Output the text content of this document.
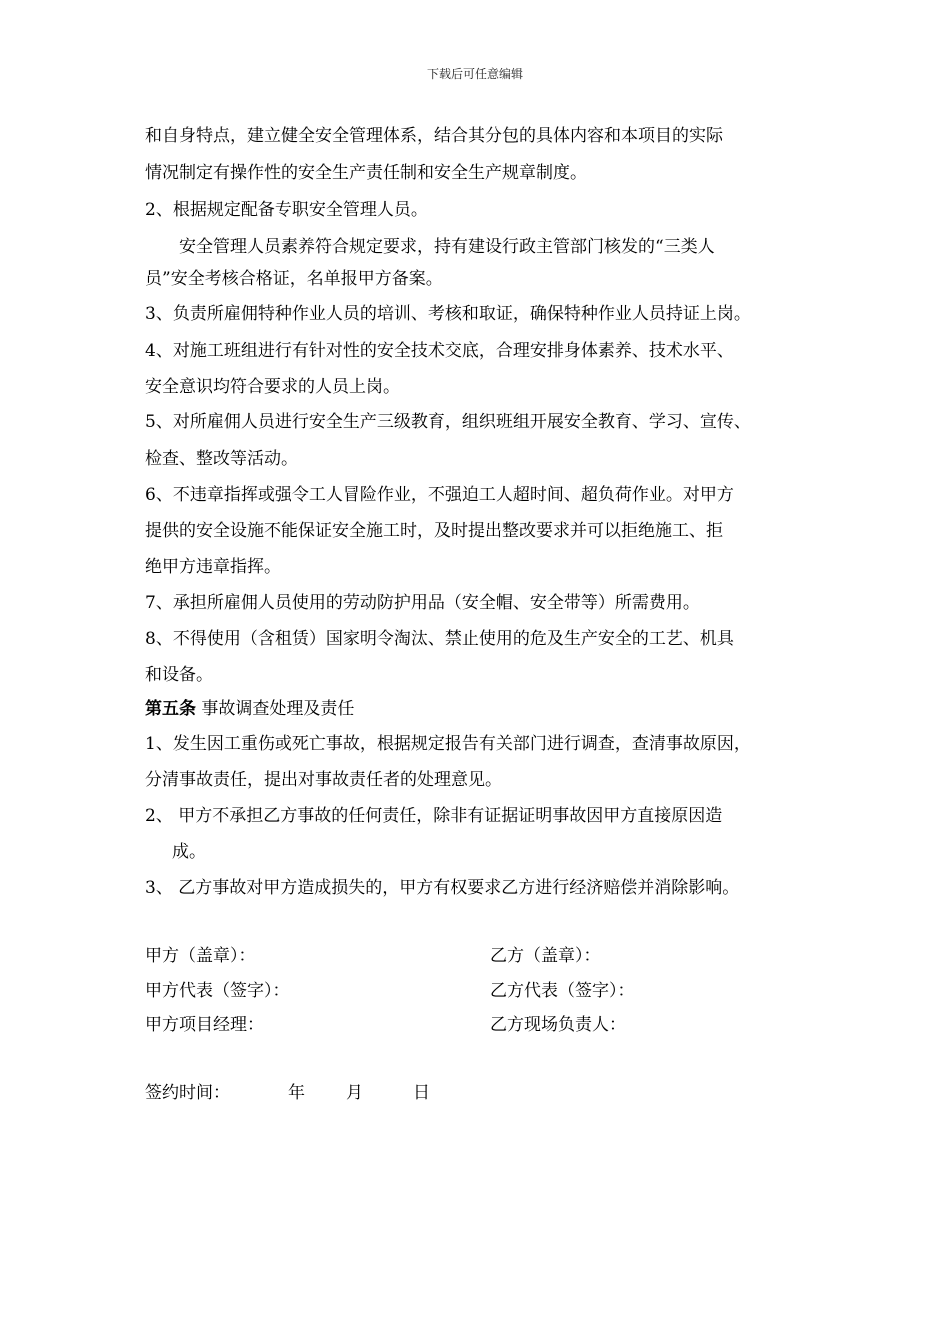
下载后可任意编辑
和自身特点，建立健全安全管理体系，结合其分包的具体内容和本项目的实际
情况制定有操作性的安全生产责任制和安全生产规章制度。
2、根据规定配备专职安全管理人员。
　　安全管理人员素养符合规定要求，持有建设行政主管部门核发的“三类人
员”安全考核合格证，名单报甲方备案。
3、负责所雇佣特种作业人员的培训、考核和取证，确保特种作业人员持证上岗。
4、对施工班组进行有针对性的安全技术交底，合理安排身体素养、技术水平、
安全意识均符合要求的人员上岗。
5、对所雇佣人员进行安全生产三级教育，组织班组开展安全教育、学习、宣传、
检查、整改等活动。
6、不违章指挥或强令工人冒险作业，不强迫工人超时间、超负荷作业。对甲方
提供的安全设施不能保证安全施工时，及时提出整改要求并可以拒绝施工、拒
绝甲方违章指挥。
7、承担所雇佣人员使用的劳动防护用品（安全帽、安全带等）所需费用。
8、不得使用（含租赁）国家明令淘汰、禁止使用的危及生产安全的工艺、机具
和设备。
第五条 事故调查处理及责任
1、发生因工重伤或死亡事故，根据规定报告有关部门进行调查，查清事故原因，
分清事故责任，提出对事故责任者的处理意见。
2、 甲方不承担乙方事故的任何责任，除非有证据证明事故因甲方直接原因造
成。
3、 乙方事故对甲方造成损失的，甲方有权要求乙方进行经济赔偿并消除影响。
甲方（盖章）：	乙方（盖章）：
甲方代表（签字）：	乙方代表（签字）：
甲方项目经理：	乙方现场负责人：
签约时间：	年 月	日
